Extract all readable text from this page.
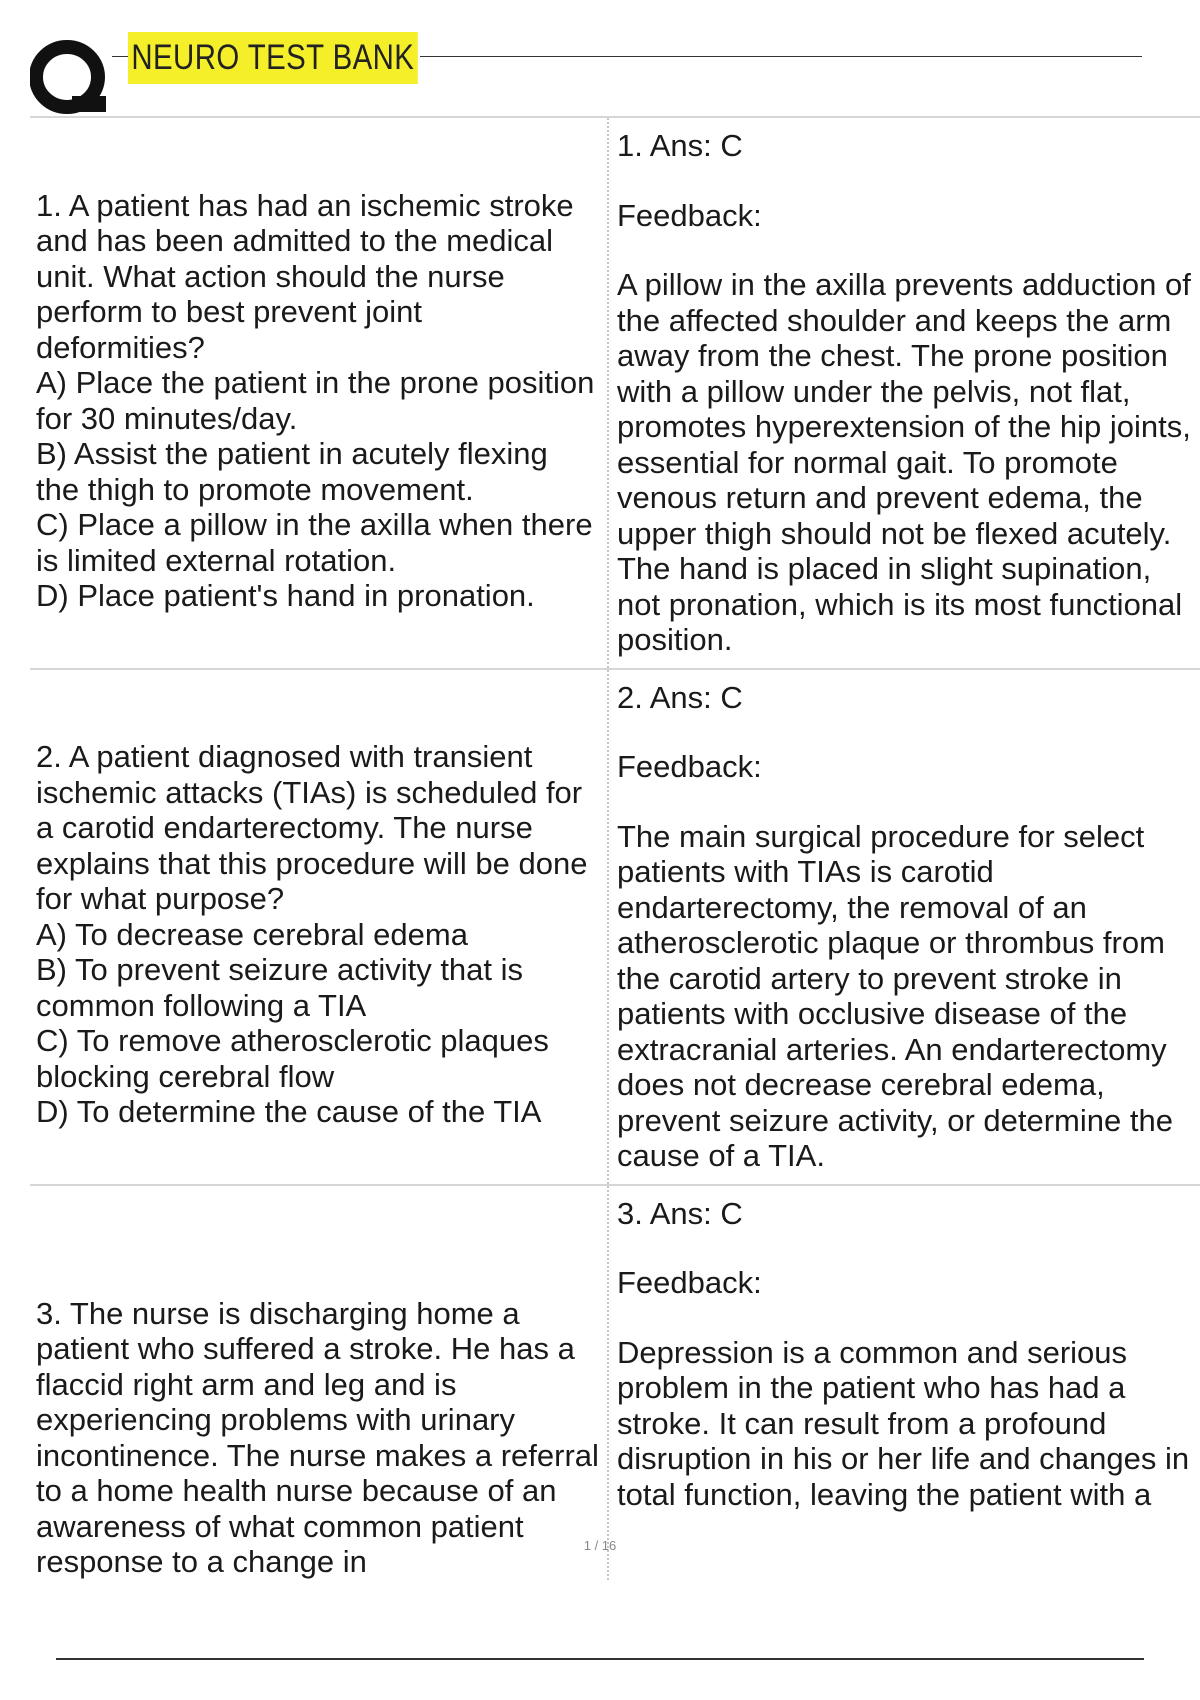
NEURO TEST BANK

1. A patient has had an ischemic stroke and has been admitted to the medical unit. What action should the nurse perform to best prevent joint deformities?
A) Place the patient in the prone position for 30 minutes/day.
B) Assist the patient in acutely flexing the thigh to promote movement.
C) Place a pillow in the axilla when there is limited external rotation.
D) Place patient's hand in pronation.

1. Ans: C

Feedback:

A pillow in the axilla prevents adduction of the affected shoulder and keeps the arm away from the chest. The prone position with a pillow under the pelvis, not flat, promotes hyperextension of the hip joints, essential for normal gait. To promote venous return and prevent edema, the upper thigh should not be flexed acutely. The hand is placed in slight supination, not pronation, which is its most functional position.

2. A patient diagnosed with transient ischemic attacks (TIAs) is scheduled for a carotid endarterectomy. The nurse explains that this procedure will be done for what purpose?
A) To decrease cerebral edema
B) To prevent seizure activity that is common following a TIA
C) To remove atherosclerotic plaques blocking cerebral flow
D) To determine the cause of the TIA

2. Ans: C

Feedback:

The main surgical procedure for select patients with TIAs is carotid endarterectomy, the removal of an atherosclerotic plaque or thrombus from the carotid artery to prevent stroke in
patients with occlusive disease of the extracranial arteries. An endarterectomy does not decrease cerebral edema, prevent seizure activity, or determine the cause of a TIA.

3. The nurse is discharging home a patient who suffered a stroke. He has a flaccid right arm and leg and is experiencing problems with urinary incontinence. The nurse makes a referral to a home health nurse because of an awareness of what common patient response to a change in

3. Ans: C

Feedback:

Depression is a common and serious problem in the patient who has had a stroke. It can result from a profound disruption in his or her life and changes in total function, leaving the patient with a

1 / 16
